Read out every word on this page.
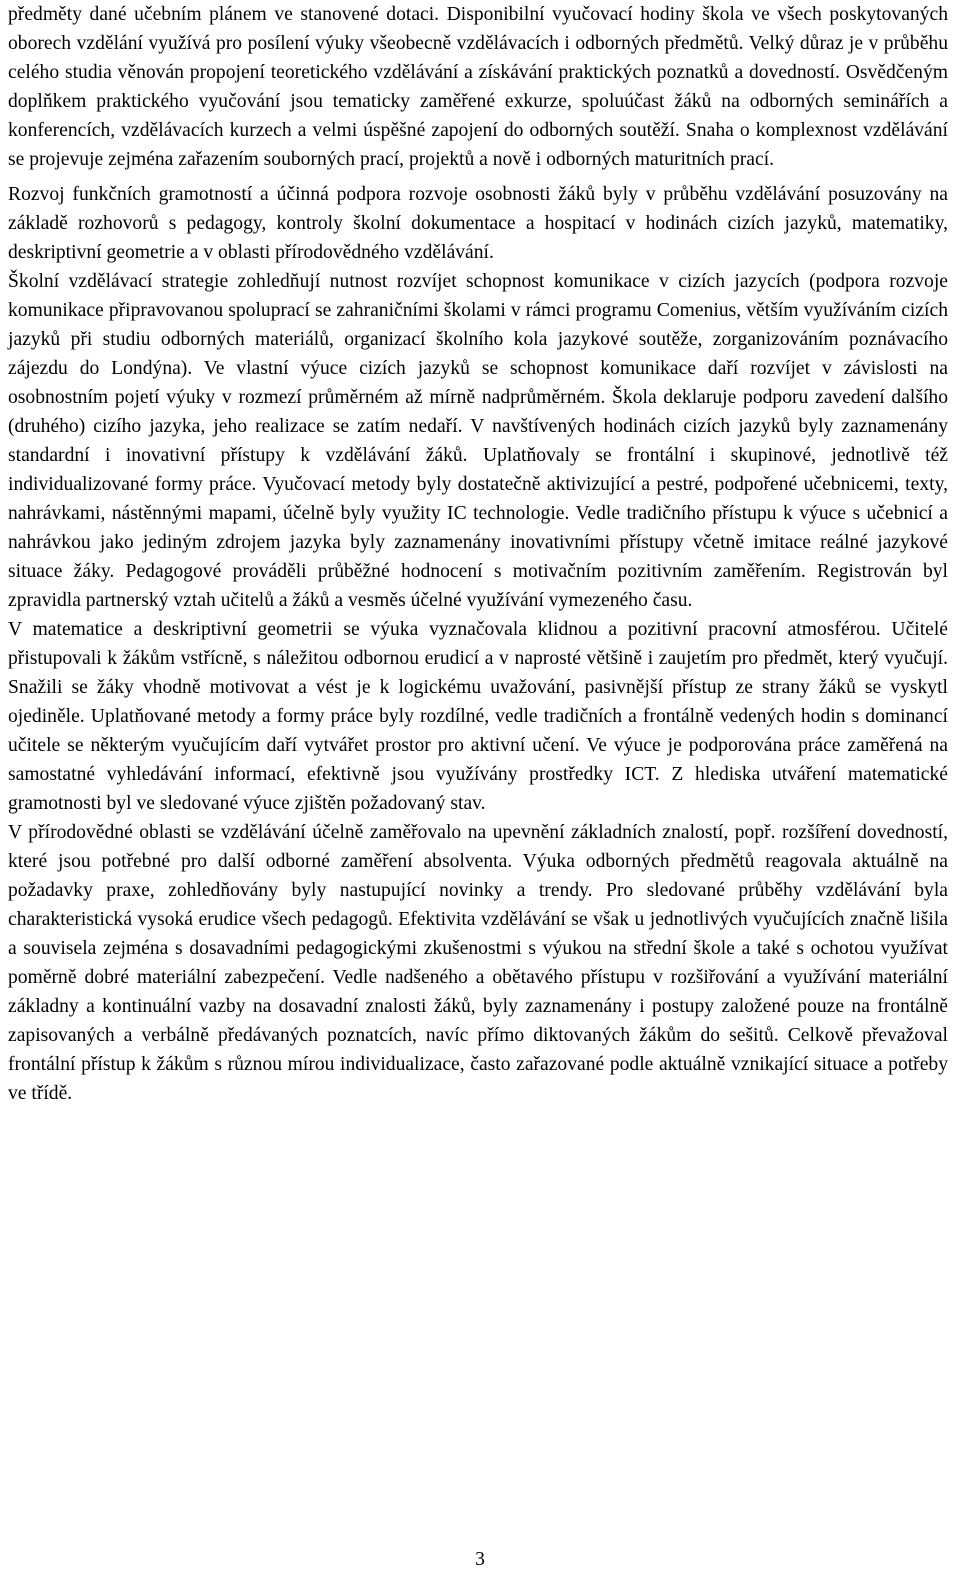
předměty dané učebním plánem ve stanovené dotaci. Disponibilní vyučovací hodiny škola ve všech poskytovaných oborech vzdělání využívá pro posílení výuky všeobecně vzdělávacích i odborných předmětů. Velký důraz je v průběhu celého studia věnován propojení teoretického vzdělávání a získávání praktických poznatků a dovedností. Osvědčeným doplňkem praktického vyučování jsou tematicky zaměřené exkurze, spoluúčast žáků na odborných seminářích a konferencích, vzdělávacích kurzech a velmi úspěšné zapojení do odborných soutěží. Snaha o komplexnost vzdělávání se projevuje zejména zařazením souborných prací, projektů a nově i odborných maturitních prací.

Rozvoj funkčních gramotností a účinná podpora rozvoje osobnosti žáků byly v průběhu vzdělávání posuzovány na základě rozhovorů s pedagogy, kontroly školní dokumentace a hospitací v hodinách cizích jazyků, matematiky, deskriptivní geometrie a v oblasti přírodovědného vzdělávání.

Školní vzdělávací strategie zohledňují nutnost rozvíjet schopnost komunikace v cizích jazycích (podpora rozvoje komunikace připravovanou spoluprací se zahraničními školami v rámci programu Comenius, větším využíváním cizích jazyků při studiu odborných materiálů, organizací školního kola jazykové soutěže, zorganizováním poznávacího zájezdu do Londýna). Ve vlastní výuce cizích jazyků se schopnost komunikace daří rozvíjet v závislosti na osobnostním pojetí výuky v rozmezí průměrném až mírně nadprůměrném. Škola deklaruje podporu zavedení dalšího (druhého) cizího jazyka, jeho realizace se zatím nedaří. V navštívených hodinách cizích jazyků byly zaznamenány standardní i inovativní přístupy k vzdělávání žáků. Uplatňovaly se frontální i skupinové, jednotlivě též individualizované formy práce. Vyučovací metody byly dostatečně aktivizující a pestré, podpořené učebnicemi, texty, nahrávkami, nástěnnými mapami, účelně byly využity IC technologie. Vedle tradičního přístupu k výuce s učebnicí a nahrávkou jako jediným zdrojem jazyka byly zaznamenány inovativními přístupy včetně imitace reálné jazykové situace žáky. Pedagogové prováděli průběžné hodnocení s motivačním pozitivním zaměřením. Registrován byl zpravidla partnerský vztah učitelů a žáků a vesměs účelné využívání vymezeného času.

V matematice a deskriptivní geometrii se výuka vyznačovala klidnou a pozitivní pracovní atmosférou. Učitelé přistupovali k žákům vstřícně, s náležitou odbornou erudicí a v naprosté většině i zaujetím pro předmět, který vyučují. Snažili se žáky vhodně motivovat a vést je k logickému uvažování, pasivnější přístup ze strany žáků se vyskytl ojediněle. Uplatňované metody a formy práce byly rozdílné, vedle tradičních a frontálně vedených hodin s dominancí učitele se některým vyučujícím daří vytvářet prostor pro aktivní učení. Ve výuce je podporována práce zaměřená na samostatné vyhledávání informací, efektivně jsou využívány prostředky ICT. Z hlediska utváření matematické gramotnosti byl ve sledované výuce zjištěn požadovaný stav.

V přírodovědné oblasti se vzdělávání účelně zaměřovalo na upevnění základních znalostí, popř. rozšíření dovedností, které jsou potřebné pro další odborné zaměření absolventa. Výuka odborných předmětů reagovala aktuálně na požadavky praxe, zohledňovány byly nastupující novinky a trendy. Pro sledované průběhy vzdělávání byla charakteristická vysoká erudice všech pedagogů. Efektivita vzdělávání se však u jednotlivých vyučujících značně lišila a souvisela zejména s dosavadními pedagogickými zkušenostmi s výukou na střední škole a také s ochotou využívat poměrně dobré materiální zabezpečení. Vedle nadšeného a obětavého přístupu v rozšiřování a využívání materiální základny a kontinuální vazby na dosavadní znalosti žáků, byly zaznamenány i postupy založené pouze na frontálně zapisovaných a verbálně předávaných poznatcích, navíc přímo diktovaných žákům do sešitů. Celkově převažoval frontální přístup k žákům s různou mírou individualizace, často zařazované podle aktuálně vznikající situace a potřeby ve třídě.

3
